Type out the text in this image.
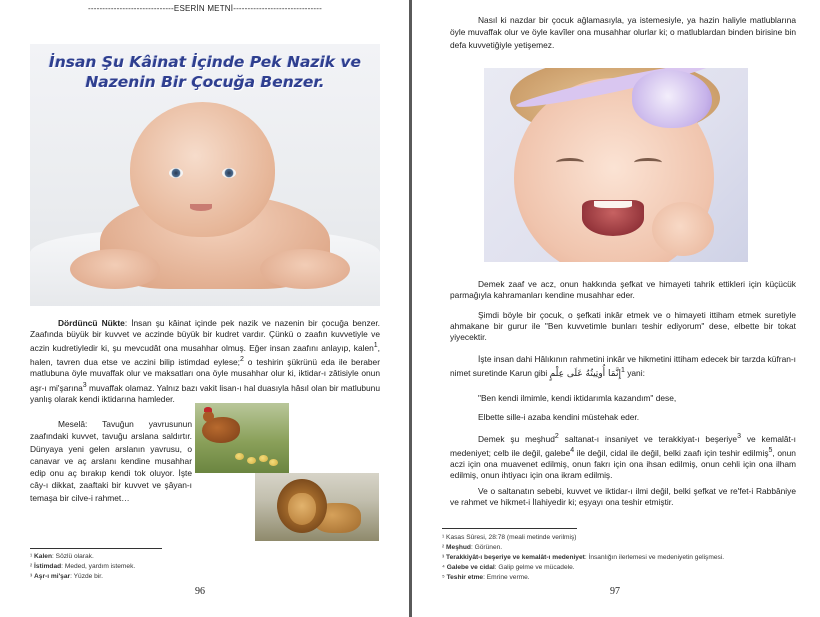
------------------------------ESERİN METNİ-------------------------------
İnsan Şu Kâinat İçinde Pek Nazik ve
Nazenin Bir Çocuğa Benzer.
Dördüncü Nükte: İnsan şu kâinat içinde pek nazik ve nazenin bir çocuğa benzer. Zaafında büyük bir kuvvet ve aczinde büyük bir kudret vardır. Çünkü o zaafın kuvvetiyle ve aczin kudretiyledir ki, şu mevcudât ona musahhar olmuş. Eğer insan zaafını anlayıp, kalen$^1$, halen, tavren dua etse ve aczini bilip istimdad eylese;$^2$ o teshirin şükrünü eda ile beraber matlubuna öyle muvaffak olur ve maksatları ona öyle musahhar olur ki, iktidar-ı zâtisiyle onun aşr-ı mi'şarına$^3$ muvaffak olamaz. Yalnız bazı vakit lisan-ı hal duasıyla hâsıl olan bir matlubunu yanlış olarak kendi iktidarına hamleder.
Meselâ: Tavuğun yavrusunun zaafındaki kuvvet, tavuğu arslana saldırtır. Dünyaya yeni gelen arslanın yavrusu, o canavar ve aç arslanı kendine musahhar edip onu aç bırakıp kendi tok oluyor. İşte cây-ı dikkat, zaaftaki bir kuvvet ve şâyan-ı temaşa bir cilve-i rahmet…
¹ Kalen: Sözlü olarak.
² İstimdad: Meded, yardım istemek.
³ Aşr-ı mi'şar: Yüzde bir.
96
Nasıl ki nazdar bir çocuk ağlamasıyla, ya istemesiyle, ya hazin haliyle matlublarına öyle muvaffak olur ve öyle kavîler ona musahhar olurlar ki; o matlublardan binden birisine bin defa kuvvetiğiyle yetişemez.
Demek zaaf ve acz, onun hakkında şefkat ve himayeti tahrik ettikleri için küçücük parmağıyla kahramanları kendine musahhar eder.
Şimdi böyle bir çocuk, o şefkati inkâr etmek ve o himayeti ittiham etmek suretiyle ahmakane bir gurur ile "Ben kuvvetimle bunları teshir ediyorum" dese, elbette bir tokat yiyecektir.
İşte insan dahi Hâlıkının rahmetini inkâr ve hikmetini ittiham edecek bir tarzda küfran-ı nimet suretinde Karun gibi إِنَّمَا أُوتِيتُهُ عَلَى عِلْمٍ$^1$ yani:
"Ben kendi ilmimle, kendi iktidarımla kazandım" dese,
Elbette sille-i azaba kendini müstehak eder.
Demek şu meşhud$^2$ saltanat-ı insaniyet ve terakkiyat-ı beşeriye$^3$ ve kemalât-ı medeniyet; celb ile değil, galebe$^4$ ile değil, cidal ile değil, belki zaafı için teshir edilmiş$^5$, onun aczi için ona muavenet edilmiş, onun fakrı için ona ihsan edilmiş, onun cehli için ona ilham edilmiş, onun ihtiyacı için ona ikram edilmiş.
Ve o saltanatın sebebi, kuvvet ve iktidar-ı ilmi değil, belki şefkat ve re'fet-i Rabbâniye ve rahmet ve hikmet-i İlahiyedir ki; eşyayı ona teshir etmiştir.
¹ Kasas Sûresi, 28:78 (meali metinde verilmiş)
² Meşhud: Görünen.
³ Terakkiyât-ı beşeriye ve kemalât-ı medeniyet: İnsanlığın ilerlemesi ve medeniyetin gelişmesi.
⁴ Galebe ve cidal: Galip gelme ve mücadele.
⁵ Teshir etme: Emrine verme.
97
